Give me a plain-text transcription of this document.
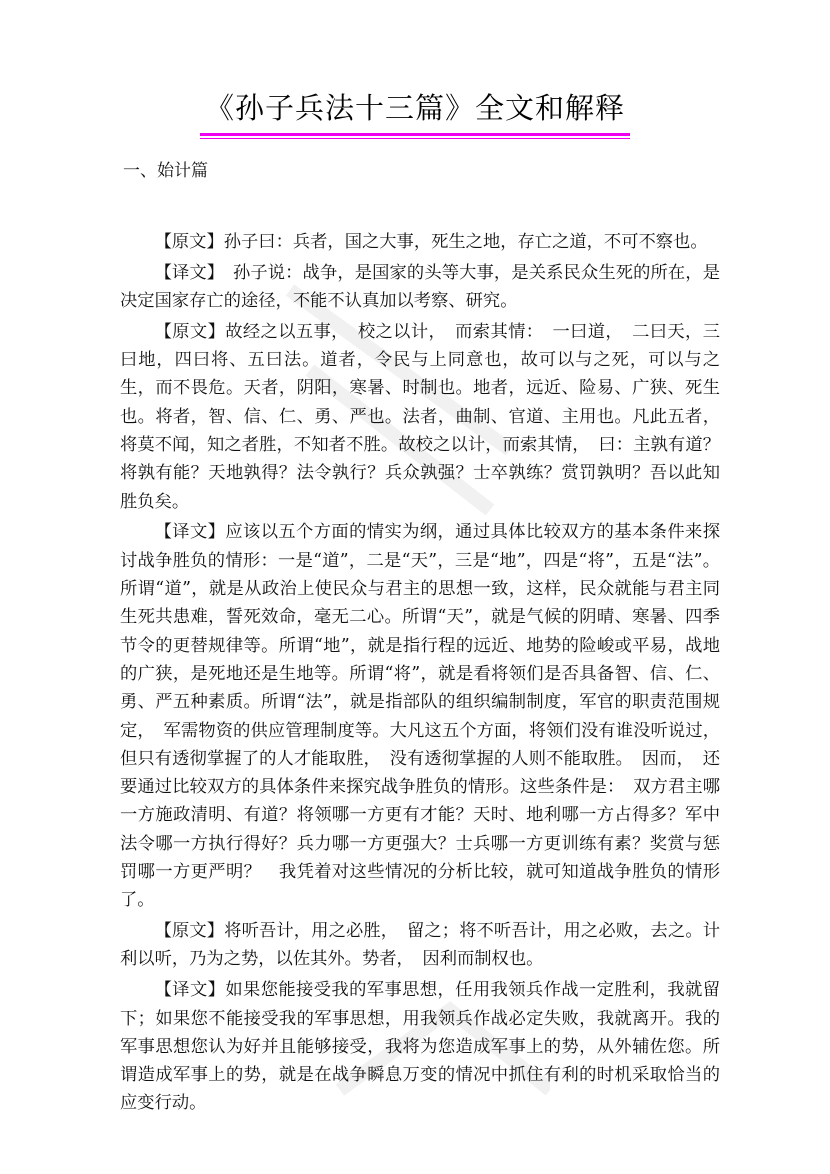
《孙子兵法十三篇》全文和解释
一、始计篇

【原文】孙子曰：兵者，国之大事，死生之地，存亡之道，不可不察也。

【译文】　孙子说：战争，是国家的头等大事，是关系民众生死的所在，是决定国家存亡的途径，不能不认真加以考察、研究。

【原文】故经之以五事，　校之以计，　而索其情：　一曰道，　二曰天，三曰地，四曰将、五曰法。道者，令民与上同意也，故可以与之死，可以与之生，而不畏危。天者，阴阳，寒暑、时制也。地者，远近、险易、广狭、死生也。将者，智、信、仁、勇、严也。法者，曲制、官道、主用也。凡此五者，将莫不闻，知之者胜，不知者不胜。故校之以计，而索其情，　曰：主孰有道？将孰有能？天地孰得？法令孰行？兵众孰强？士卒孰练？赏罚孰明？吾以此知胜负矣。

【译文】应该以五个方面的情实为纲，通过具体比较双方的基本条件来探讨战争胜负的情形：一是“道”，二是“天”，三是“地”，四是“将”，五是“法”。所谓“道”，就是从政治上使民众与君主的思想一致，这样，民众就能与君主同生死共患难，誓死效命，毫无二心。所谓“天”，就是气候的阴晴、寒暑、四季节令的更替规律等。所谓“地”，就是指行程的远近、地势的险峻或平易，战地的广狭，是死地还是生地等。所谓“将”，就是看将领们是否具备智、信、仁、勇、严五种素质。所谓“法”，就是指部队的组织编制制度，军官的职责范围规定，　军需物资的供应管理制度等。大凡这五个方面，将领们没有谁没听说过，但只有透彻掌握了的人才能取胜，　没有透彻掌握的人则不能取胜。　因而，　还要通过比较双方的具体条件来探究战争胜负的情形。这些条件是：　双方君主哪一方施政清明、有道？将领哪一方更有才能？天时、地利哪一方占得多？军中法令哪一方执行得好？兵力哪一方更强大？士兵哪一方更训练有素？奖赏与惩罚哪一方更严明？　我凭着对这些情况的分析比较，就可知道战争胜负的情形了。

【原文】将听吾计，用之必胜，　留之；将不听吾计，用之必败，去之。计利以听，乃为之势，以佐其外。势者，　因利而制权也。

【译文】如果您能接受我的军事思想，任用我领兵作战一定胜利，我就留下；如果您不能接受我的军事思想，用我领兵作战必定失败，我就离开。我的军事思想您认为好并且能够接受，我将为您造成军事上的势，从外辅佐您。所谓造成军事上的势，就是在战争瞬息万变的情况中抓住有利的时机采取恰当的应变行动。
